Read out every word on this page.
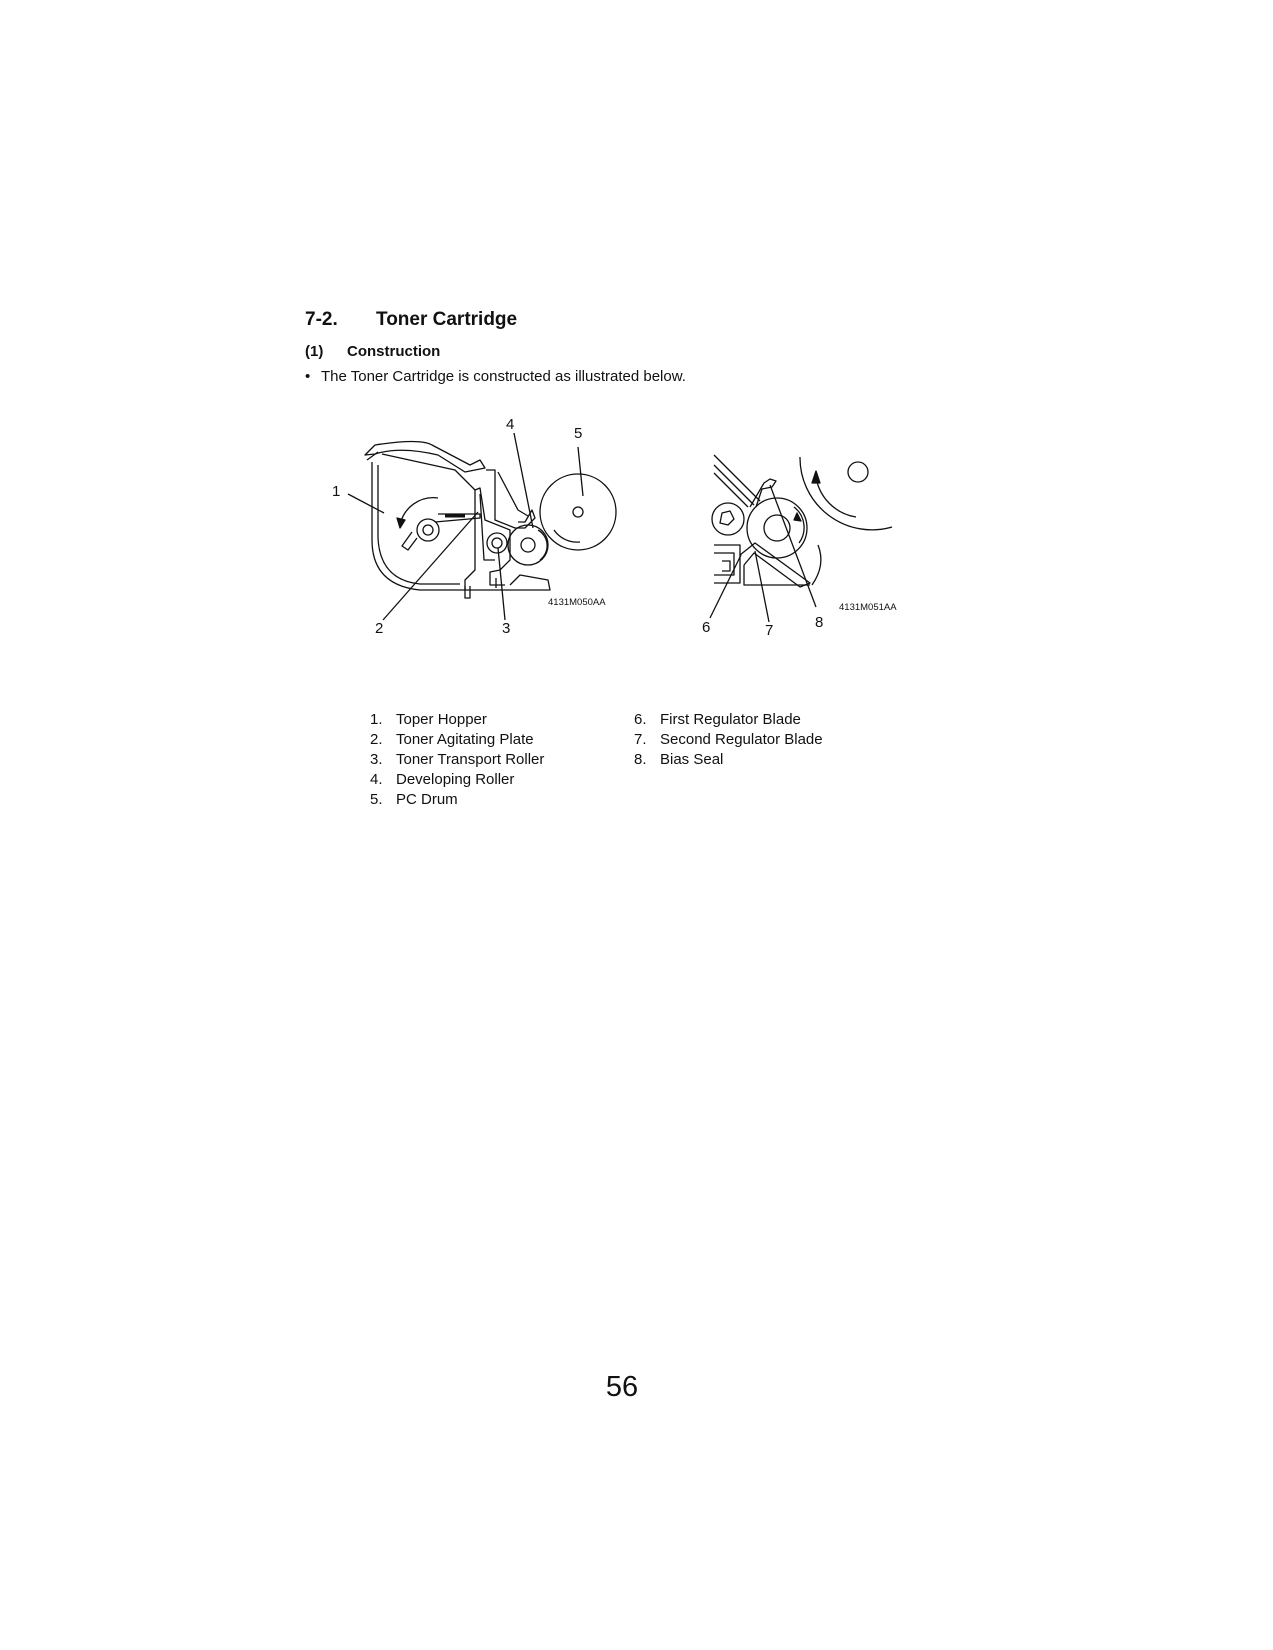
7-2. Toner Cartridge
(1) Construction
• The Toner Cartridge is constructed as illustrated below.
1
2	3
4
5
4131M050AA
6	7	8
4131M051AA
1. Toper Hopper
2. Toner Agitating Plate
3. Toner Transport Roller
4. Developing Roller
5. PC Drum
6. First Regulator Blade
7. Second Regulator Blade
8. Bias Seal
56
